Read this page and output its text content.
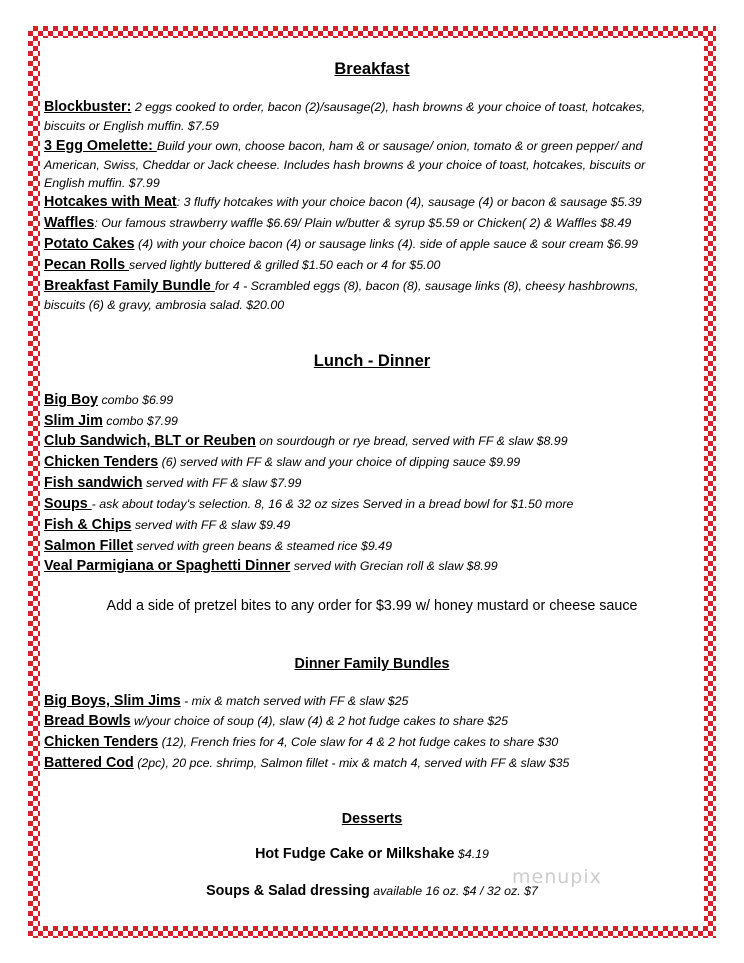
Breakfast
Blockbuster: 2 eggs cooked to order, bacon (2)/sausage(2), hash browns & your choice of toast, hotcakes,
biscuits or English muffin. $7.59
3 Egg Omelette: Build your own, choose bacon, ham & or sausage/ onion, tomato & or green pepper/ and
American, Swiss, Cheddar or Jack cheese. Includes hash browns & your choice of toast, hotcakes, biscuits or
English muffin. $7.99
Hotcakes with Meat: 3 fluffy hotcakes with your choice bacon (4), sausage (4) or bacon & sausage $5.39
Waffles: Our famous strawberry waffle $6.69/ Plain w/butter & syrup $5.59 or Chicken( 2) & Waffles $8.49
Potato Cakes (4) with your choice bacon (4) or sausage links (4). side of apple sauce & sour cream $6.99
Pecan Rolls served lightly buttered & grilled $1.50 each or 4 for $5.00
Breakfast Family Bundle for 4 - Scrambled eggs (8), bacon (8), sausage links (8), cheesy hashbrowns,
biscuits (6) & gravy, ambrosia salad. $20.00
Lunch - Dinner
Big Boy combo $6.99
Slim Jim combo $7.99
Club Sandwich, BLT or Reuben on sourdough or rye bread, served with FF & slaw $8.99
Chicken Tenders (6) served with FF & slaw and your choice of dipping sauce $9.99
Fish sandwich served with FF & slaw $7.99
Soups - ask about today's selection. 8, 16 & 32 oz sizes Served in a bread bowl for $1.50 more
Fish & Chips served with FF & slaw $9.49
Salmon Fillet served with green beans & steamed rice $9.49
Veal Parmigiana or Spaghetti Dinner served with Grecian roll & slaw $8.99
Add a side of pretzel bites to any order for $3.99 w/ honey mustard or cheese sauce
Dinner Family Bundles
Big Boys, Slim Jims - mix & match served with FF & slaw $25
Bread Bowls w/your choice of soup (4), slaw (4) & 2 hot fudge cakes to share $25
Chicken Tenders (12), French fries for 4, Cole slaw for 4 & 2 hot fudge cakes to share $30
Battered Cod (2pc), 20 pce. shrimp, Salmon fillet - mix & match 4, served with FF & slaw $35
Desserts
Hot Fudge Cake or Milkshake $4.19
Soups & Salad dressing available 16 oz. $4 / 32 oz. $7
menupix
